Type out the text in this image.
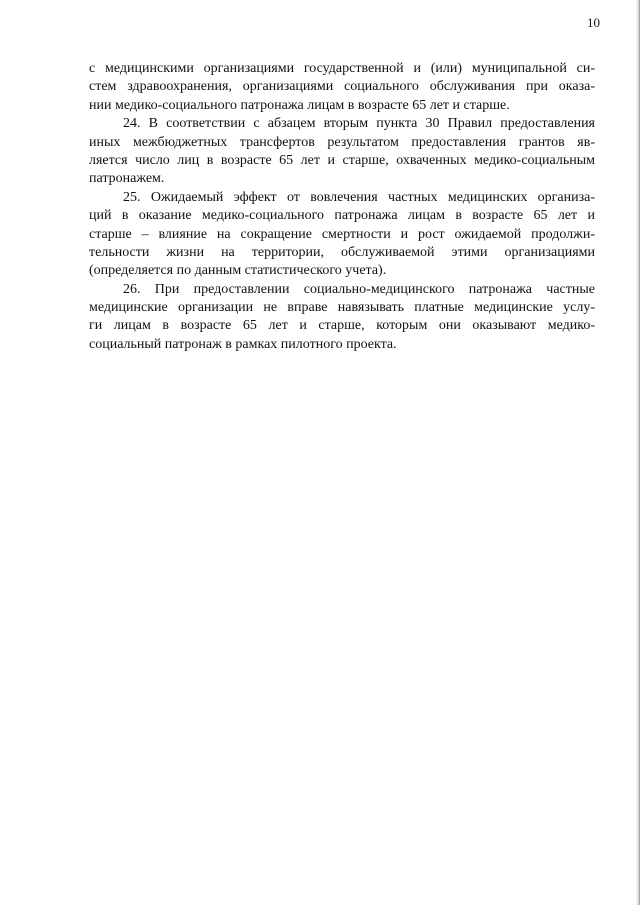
10
с медицинскими организациями государственной и (или) муниципальной си-
стем здравоохранения, организациями социального обслуживания при оказа-
нии медико-социального патронажа лицам в возрасте 65 лет и старше.
24. В соответствии с абзацем вторым пункта 30 Правил предоставления
иных межбюджетных трансфертов результатом предоставления грантов яв-
ляется число лиц в возрасте 65 лет и старше, охваченных медико-социальным
патронажем.
25. Ожидаемый эффект от вовлечения частных медицинских организа-
ций в оказание медико-социального патронажа лицам в возрасте 65 лет и
старше – влияние на сокращение смертности и рост ожидаемой продолжи-
тельности жизни на территории, обслуживаемой этими организациями
(определяется по данным статистического учета).
26. При предоставлении социально-медицинского патронажа частные
медицинские организации не вправе навязывать платные медицинские услу-
ги лицам в возрасте 65 лет и старше, которым они оказывают медико-
социальный патронаж в рамках пилотного проекта.
